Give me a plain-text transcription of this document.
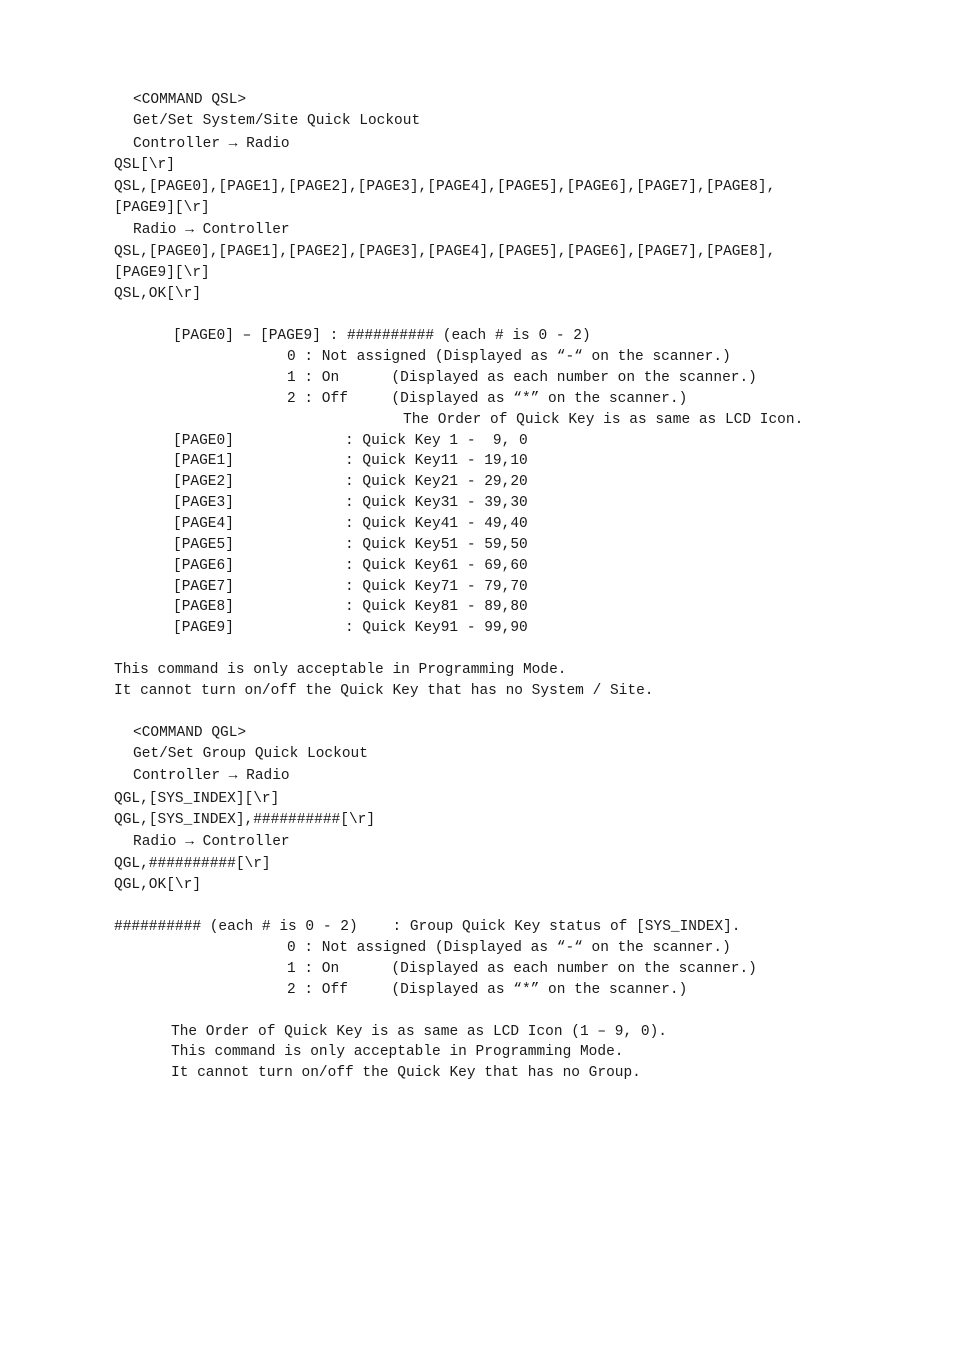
<COMMAND QSL>
Get/Set System/Site Quick Lockout
Controller → Radio
QSL[\r]
QSL,[PAGE0],[PAGE1],[PAGE2],[PAGE3],[PAGE4],[PAGE5],[PAGE6],[PAGE7],[PAGE8],
[PAGE9][\r]
Radio → Controller
QSL,[PAGE0],[PAGE1],[PAGE2],[PAGE3],[PAGE4],[PAGE5],[PAGE6],[PAGE7],[PAGE8],
[PAGE9][\r]
QSL,OK[\r]
[PAGE0] – [PAGE9] : ########## (each # is 0 - 2)
0 : Not assigned (Displayed as “-“ on the scanner.)
1 : On      (Displayed as each number on the scanner.)
2 : Off     (Displayed as “*” on the scanner.)
The Order of Quick Key is as same as LCD Icon.
[PAGE0]	: Quick Key 1 -  9, 0
[PAGE1]	: Quick Key11 - 19,10
[PAGE2]	: Quick Key21 - 29,20
[PAGE3]	: Quick Key31 - 39,30
[PAGE4]	: Quick Key41 - 49,40
[PAGE5]	: Quick Key51 - 59,50
[PAGE6]	: Quick Key61 - 69,60
[PAGE7]	: Quick Key71 - 79,70
[PAGE8]	: Quick Key81 - 89,80
[PAGE9]	: Quick Key91 - 99,90
This command is only acceptable in Programming Mode.
It cannot turn on/off the Quick Key that has no System / Site.
<COMMAND QGL>
Get/Set Group Quick Lockout
Controller → Radio
QGL,[SYS_INDEX][\r]
QGL,[SYS_INDEX],##########[\r]
Radio → Controller
QGL,##########[\r]
QGL,OK[\r]
########## (each # is 0 - 2)    : Group Quick Key status of [SYS_INDEX].
0 : Not assigned (Displayed as “-“ on the scanner.)
1 : On      (Displayed as each number on the scanner.)
2 : Off     (Displayed as “*” on the scanner.)
The Order of Quick Key is as same as LCD Icon (1 – 9, 0).
This command is only acceptable in Programming Mode.
It cannot turn on/off the Quick Key that has no Group.
